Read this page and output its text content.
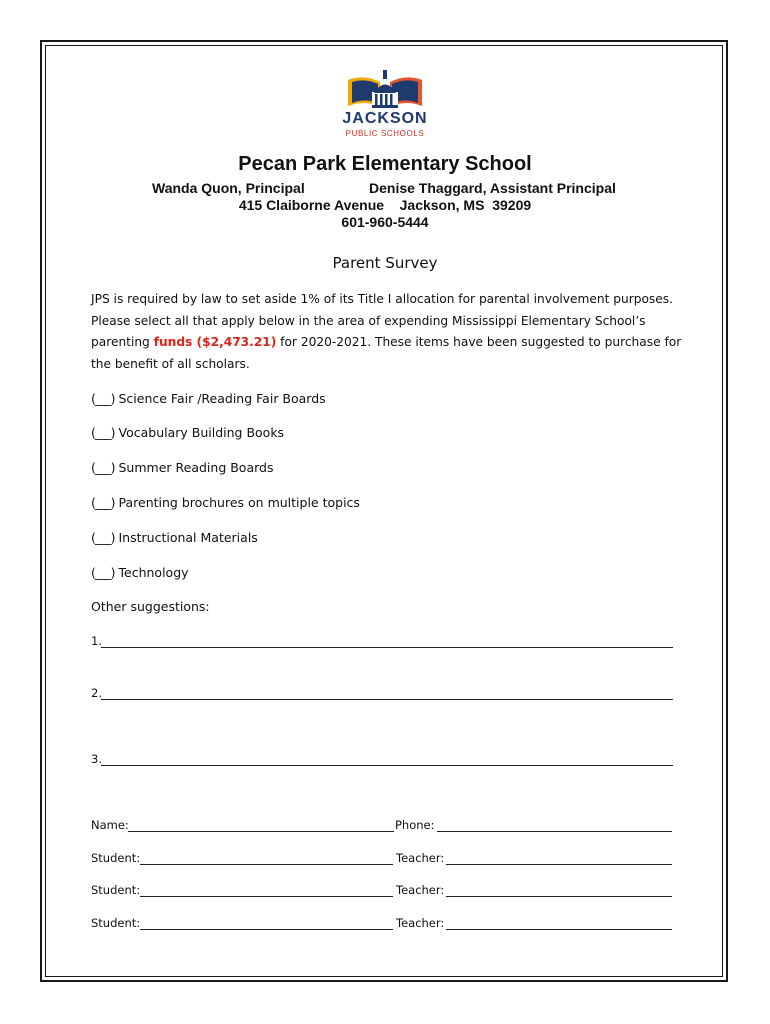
JACKSON
PUBLIC SCHOOLS
Pecan Park Elementary School
Wanda Quon, Principal	Denise Thaggard, Assistant Principal
415 Claiborne Avenue    Jackson, MS  39209
601-960-5444
Parent Survey
JPS is required by law to set aside 1% of its Title I allocation for parental involvement purposes. Please select all that apply below in the area of expending Mississippi Elementary School’s parenting funds ($2,473.21) for 2020-2021. These items have been suggested to purchase for the benefit of all scholars.
(___) Science Fair /Reading Fair Boards
(___) Vocabulary Building Books
(___) Summer Reading Boards
(___) Parenting brochures on multiple topics
(___) Instructional Materials
(___) Technology
Other suggestions:
1.
2.
3.
Name:	Phone:
Student:	Teacher:
Student:	Teacher:
Student:	Teacher:
